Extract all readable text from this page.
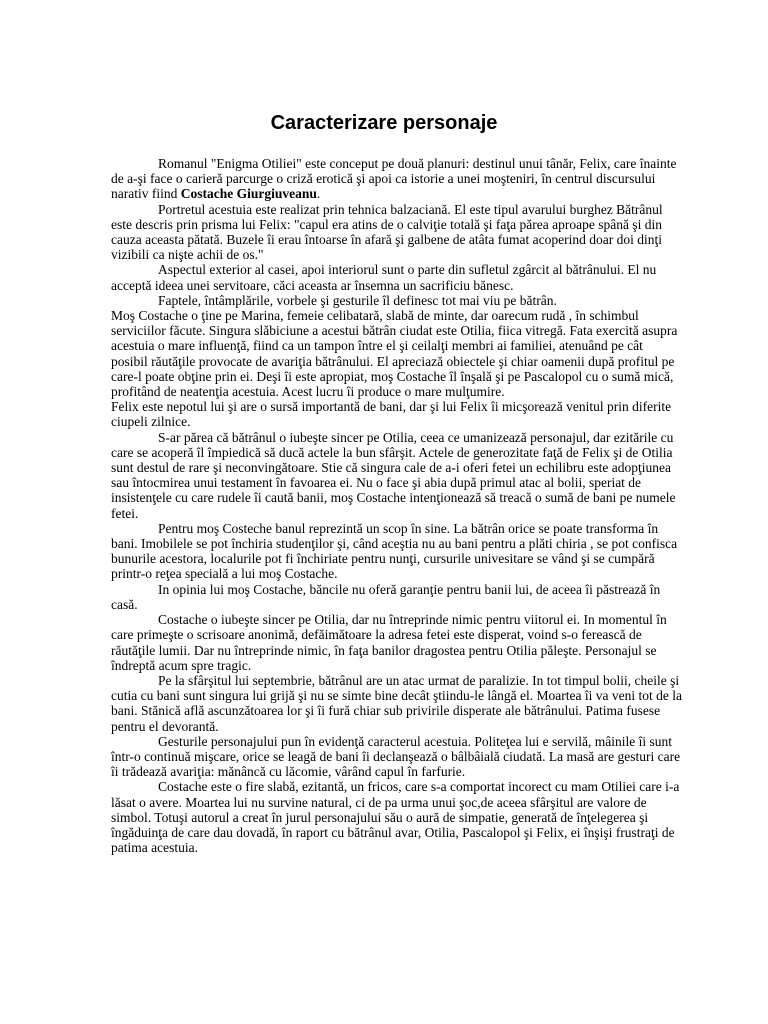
Caracterizare personaje

Romanul "Enigma Otiliei" este conceput pe două planuri: destinul unui tânăr, Felix, care înainte de a-şi face o carieră parcurge o criză erotică şi apoi ca istorie a unei moşteniri, în centrul discursului narativ fiind Costache Giurgiuveanu.

Portretul acestuia este realizat prin tehnica balzaciană. El este tipul avarului burghez Bătrânul este descris prin prisma lui Felix: "capul era atins de o calviţie totală şi faţa părea aproape spână şi din cauza aceasta pătată. Buzele îi erau întoarse în afară şi galbene de atâta fumat acoperind doar doi dinţi vizibili ca nişte achii de os."

Aspectul exterior al casei, apoi interiorul sunt o parte din sufletul zgârcit al bătrânului. El nu acceptă ideea unei servitoare, căci aceasta ar însemna un sacrificiu bănesc.

Faptele, întâmplările, vorbele şi gesturile îl definesc tot mai viu pe bătrân.

Moş Costache o ţine pe Marina, femeie celibatară, slabă de minte, dar oarecum rudă , în schimbul serviciilor făcute. Singura slăbiciune a acestui bătrân ciudat este Otilia, fiica vitregă. Fata exercită asupra acestuia o mare influenţă, fiind ca un tampon între el şi ceilalţi membri ai familiei, atenuând pe cât posibil răutăţile provocate de avariţia bătrânului. El apreciază obiectele şi chiar oamenii după profitul pe care-l poate obţine prin ei. Deşi îi este apropiat, moş Costache îl înşală şi pe Pascalopol cu o sumă mică, profitând de neatenţia acestuia. Acest lucru îi produce o mare mulţumire.

Felix este nepotul lui şi are o sursă importantă de bani, dar şi lui Felix îi micşorează venitul prin diferite ciupeli zilnice.

S-ar părea că bătrânul o iubeşte sincer pe Otilia, ceea ce umanizează personajul, dar ezitările cu care se acoperă îl împiedică să ducă actele la bun sfârşit. Actele de generozitate faţă de Felix şi de Otilia sunt destul de rare şi neconvingătoare. Stie că singura cale de a-i oferi fetei un echilibru este adopţiunea sau întocmirea unui testament în favoarea ei. Nu o face şi abia după primul atac al bolii, speriat de insistenţele cu care rudele îi caută banii, moş Costache intenţionează să treacă o sumă de bani pe numele fetei.

Pentru moş Costeche banul reprezintă un scop în sine. La bătrân orice se poate transforma în bani. Imobilele se pot închiria studenţilor şi, când aceştia nu au bani pentru a plăti chiria , se pot confisca bunurile acestora, localurile pot fi închiriate pentru nunţi, cursurile univesitare se vând şi se cumpără printr-o reţea specială a lui moş Costache.

In opinia lui moş Costache, băncile nu oferă garanţie pentru banii lui, de aceea îi păstrează în casă.

Costache o iubeşte sincer pe Otilia, dar nu întreprinde nimic pentru viitorul ei. In momentul în care primeşte o scrisoare anonimă, defăimătoare la adresa fetei este disperat, voind s-o ferească de răutăţile lumii. Dar nu întreprinde nimic, în faţa banilor dragostea pentru Otilia păleşte. Personajul se îndreptă acum spre tragic.

Pe la sfârşitul lui septembrie, bătrânul are un atac urmat de paralizie. In tot timpul bolii, cheile şi cutia cu bani sunt singura lui grijă şi nu se simte bine decât ştiindu-le lângă el. Moartea îi va veni tot de la bani. Stănică află ascunzătoarea lor şi îi fură chiar sub privirile disperate ale bătrânului. Patima fusese pentru el devorantă.

Gesturile personajului pun în evidenţă caracterul acestuia. Politeţea lui e servilă, mâinile îi sunt într-o continuă mişcare, orice se leagă de bani îi declanşează o bâlbâială ciudată. La masă are gesturi care îi trădează avariţia: mănâncă cu lăcomie, vârând capul în farfurie.

Costache este o fire slabă, ezitantă, un fricos, care s-a comportat incorect cu mam Otiliei care i-a lăsat o avere. Moartea lui nu survine natural, ci de pa urma unui şoc,de aceea sfârşitul are valore de simbol. Totuşi autorul a creat în jurul personajului său o aură de simpatie, generată de înţelegerea şi îngăduinţa de care dau dovadă, în raport cu bătrânul avar, Otilia, Pascalopol şi Felix, ei înşişi frustraţi de patima acestuia.
